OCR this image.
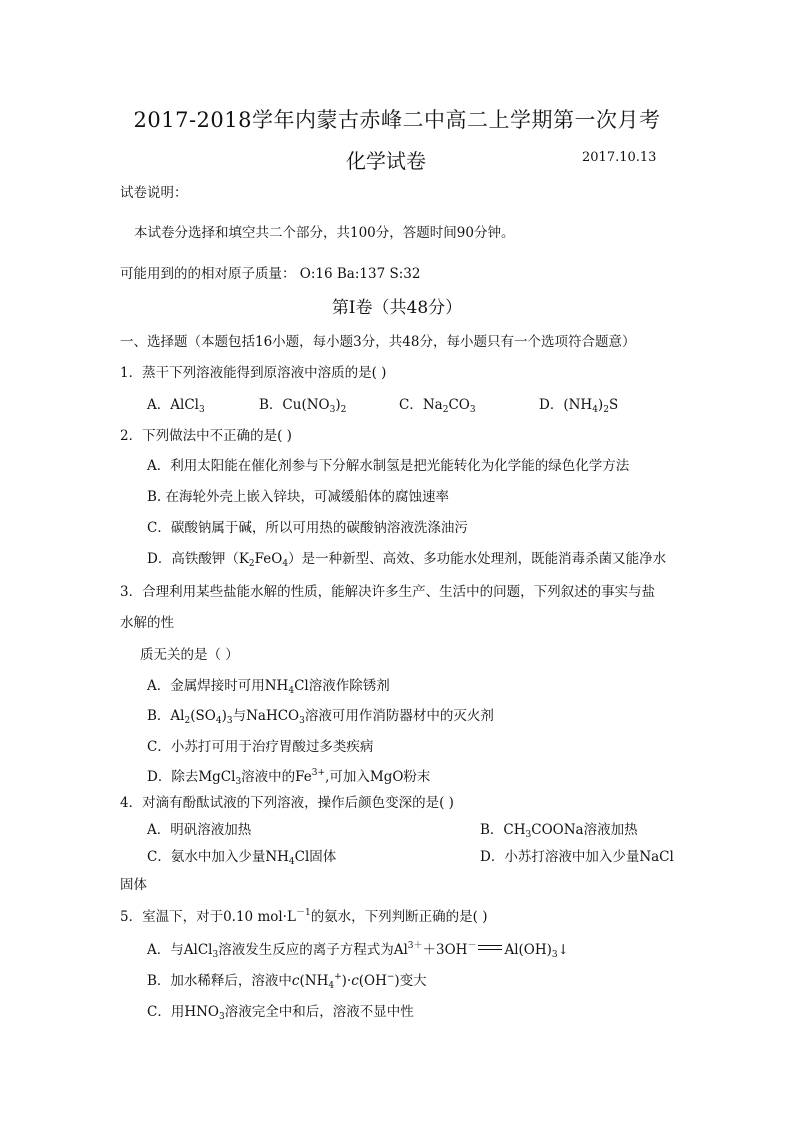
2017-2018学年内蒙古赤峰二中高二上学期第一次月考
化学试卷	2017.10.13
试卷说明：
本试卷分选择和填空共二个部分，共100分，答题时间90分钟。
可能用到的的相对原子质量： O:16 Ba:137 S:32
第Ⅰ卷（共48分）
一、选择题（本题包括16小题，每小题3分，共48分，每小题只有一个选项符合题意）
1．蒸干下列溶液能得到原溶液中溶质的是( )
A．AlCl$_3$	B．$Cu(NO_3)_2$	C．$Na_2CO_3$	D．$(NH_4)_2S$
2．下列做法中不正确的是( )
A．利用太阳能在催化剂参与下分解水制氢是把光能转化为化学能的绿色化学方法
B. 在海轮外壳上嵌入锌块，可减缓船体的腐蚀速率
C．碳酸钠属于碱，所以可用热的碳酸钠溶液洗涤油污
D．高铁酸钾$(K_2FeO_4)$是一种新型、高效、多功能水处理剂，既能消毒杀菌又能净水
3．合理利用某些盐能水解的性质，能解决许多生产、生活中的问题，下列叙述的事实与盐
水解的性
质无关的是（ ）
A．金属焊接时可用$NH_4Cl$溶液作除锈剂
B．$Al_2(SO_4)_3$与NaHCO$_3$溶液可用作消防器材中的灭火剂
C．小苏打可用于治疗胃酸过多类疾病
D．除去MgCl$_3$溶液中的$Fe^{3+}$,可加入MgO粉末
4．对滴有酚酞试液的下列溶液，操作后颜色变深的是( )
A．明矾溶液加热	B．$CH_3COONa$溶液加热
C．氨水中加入少量$NH_4Cl$固体	D．小苏打溶液中加入少量NaCl
固体
5．室温下，对于0.10 $mol\cdot L^{-1}$的氨水，下列判断正确的是( )
A．与AlCl$_3$溶液发生反应的离子方程式为$Al^{3+}+3OH^-$ $Al(OH)_3↓$
B．加水稀释后，溶液中$c(NH_4^+)\cdot c(OH^-)$变大
C．用$HNO_3$溶液完全中和后，溶液不显中性
